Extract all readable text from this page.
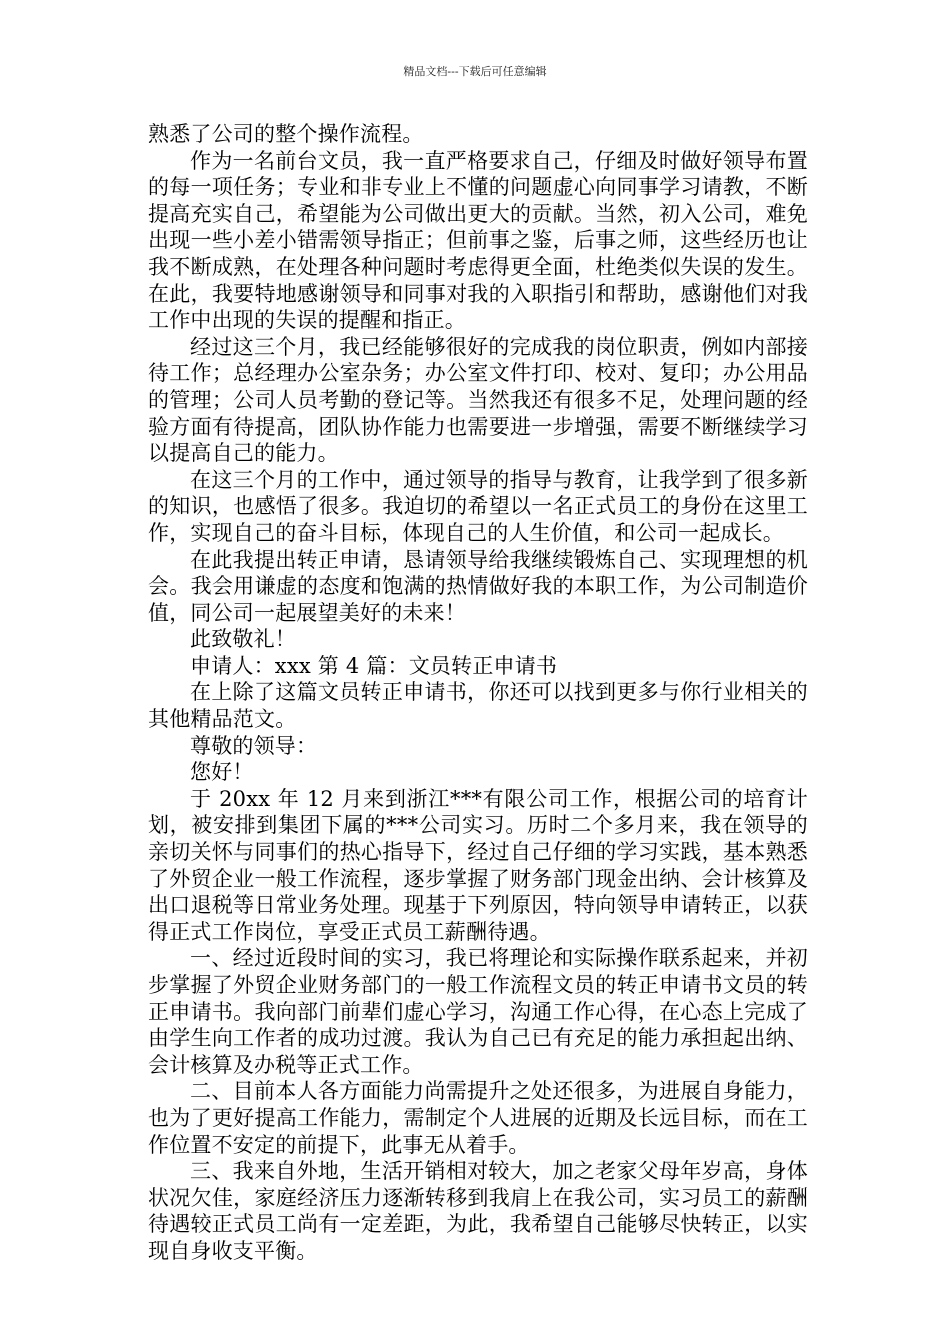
精品文档---下载后可任意编辑

熟悉了公司的整个操作流程。

作为一名前台文员，我一直严格要求自己，仔细及时做好领导布置的每一项任务；专业和非专业上不懂的问题虚心向同事学习请教，不断提高充实自己，希望能为公司做出更大的贡献。当然，初入公司，难免出现一些小差小错需领导指正；但前事之鉴，后事之师，这些经历也让我不断成熟，在处理各种问题时考虑得更全面，杜绝类似失误的发生。在此，我要特地感谢领导和同事对我的入职指引和帮助，感谢他们对我工作中出现的失误的提醒和指正。

经过这三个月，我已经能够很好的完成我的岗位职责，例如内部接待工作；总经理办公室杂务；办公室文件打印、校对、复印；办公用品的管理；公司人员考勤的登记等。当然我还有很多不足，处理问题的经验方面有待提高，团队协作能力也需要进一步增强，需要不断继续学习以提高自己的能力。

在这三个月的工作中，通过领导的指导与教育，让我学到了很多新的知识，也感悟了很多。我迫切的希望以一名正式员工的身份在这里工作，实现自己的奋斗目标，体现自己的人生价值，和公司一起成长。

在此我提出转正申请，恳请领导给我继续锻炼自己、实现理想的机会。我会用谦虚的态度和饱满的热情做好我的本职工作，为公司制造价值，同公司一起展望美好的未来！

此致敬礼！

申请人：xxx 第 4 篇：文员转正申请书

在上除了这篇文员转正申请书，你还可以找到更多与你行业相关的其他精品范文。

尊敬的领导：

您好！

于 20xx 年 12 月来到浙江***有限公司工作，根据公司的培育计划，被安排到集团下属的***公司实习。历时二个多月来，我在领导的亲切关怀与同事们的热心指导下，经过自己仔细的学习实践，基本熟悉了外贸企业一般工作流程，逐步掌握了财务部门现金出纳、会计核算及出口退税等日常业务处理。现基于下列原因，特向领导申请转正，以获得正式工作岗位，享受正式员工薪酬待遇。

一、经过近段时间的实习，我已将理论和实际操作联系起来，并初步掌握了外贸企业财务部门的一般工作流程文员的转正申请书文员的转正申请书。我向部门前辈们虚心学习，沟通工作心得，在心态上完成了由学生向工作者的成功过渡。我认为自己已有充足的能力承担起出纳、会计核算及办税等正式工作。

二、目前本人各方面能力尚需提升之处还很多，为进展自身能力，也为了更好提高工作能力，需制定个人进展的近期及长远目标，而在工作位置不安定的前提下，此事无从着手。

三、我来自外地，生活开销相对较大，加之老家父母年岁高，身体状况欠佳，家庭经济压力逐渐转移到我肩上在我公司，实习员工的薪酬待遇较正式员工尚有一定差距，为此，我希望自己能够尽快转正，以实现自身收支平衡。
